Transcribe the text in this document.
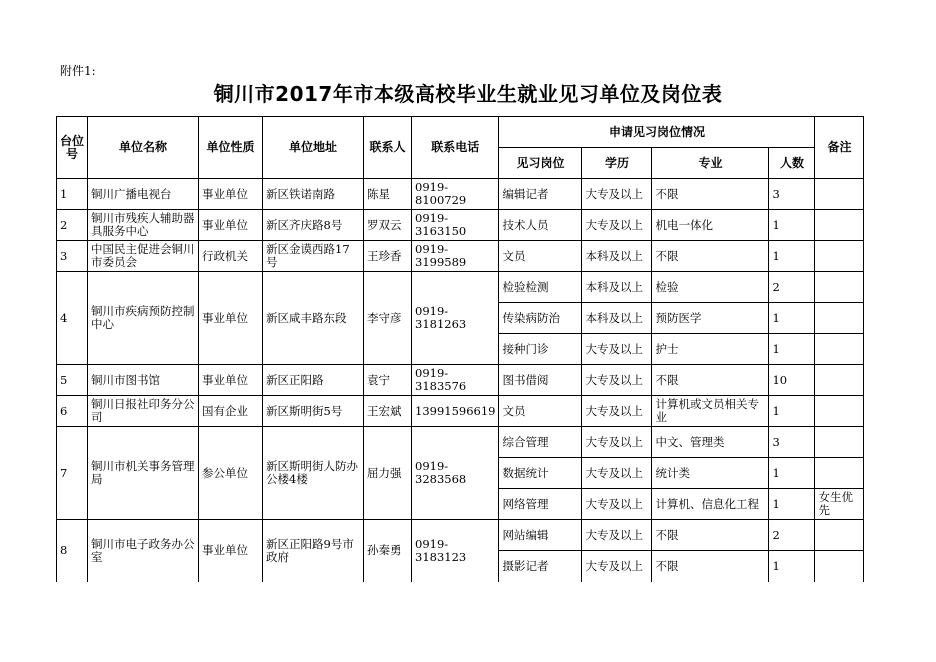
附件1:
铜川市2017年市本级高校毕业生就业见习单位及岗位表
台位号	单位名称	单位性质	单位地址	联系人	联系电话	申请见习岗位情况				备注
						见习岗位	学历	专业	人数	
1	铜川广播电视台	事业单位	新区铁诺南路	陈星	0919-8100729	编辑记者	大专及以上	不限	3	
2	铜川市残疾人辅助器具服务中心	事业单位	新区齐庆路8号	罗双云	0919-3163150	技术人员	大专及以上	机电一体化	1	
3	中国民主促进会铜川市委员会	行政机关	新区金谟西路17号	王珍香	0919-3199589	文员	本科及以上	不限	1	
4	铜川市疾病预防控制中心	事业单位	新区咸丰路东段	李守彦	0919-3181263	检验检测	本科及以上	检验	2	
						传染病防治	本科及以上	预防医学	1	
						接种门诊	大专及以上	护士	1	
5	铜川市图书馆	事业单位	新区正阳路	袁宁	0919-3183576	图书借阅	大专及以上	不限	10	
6	铜川日报社印务分公司	国有企业	新区斯明街5号	王宏斌	13991596619	文员	大专及以上	计算机或文员相关专业	1	
7	铜川市机关事务管理局	参公单位	新区斯明街人防办公楼4楼	屈力强	0919-3283568	综合管理	大专及以上	中文、管理类	3	
						数据统计	大专及以上	统计类	1	
						网络管理	大专及以上	计算机、信息化工程	1	女生优先
8	铜川市电子政务办公室	事业单位	新区正阳路9号市政府	孙秦勇	0919-3183123	网站编辑	大专及以上	不限	2	
						摄影记者	大专及以上	不限	1	
